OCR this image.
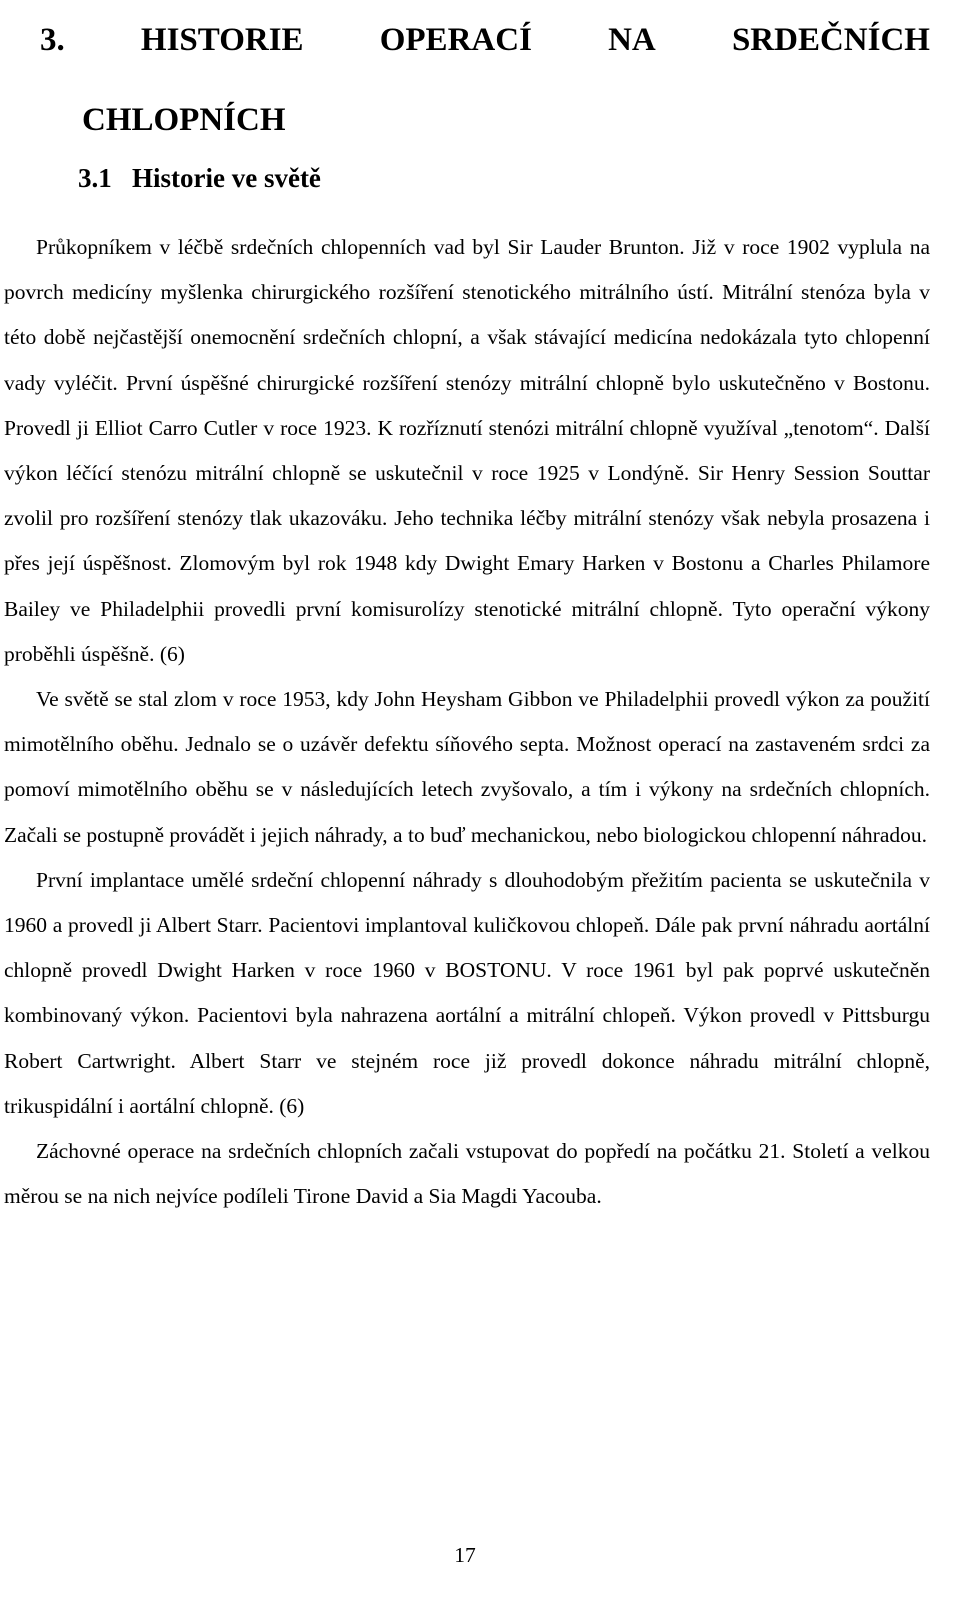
3. HISTORIE OPERACÍ NA SRDEČNÍCH
CHLOPNÍCH
3.1   Historie ve světě

Průkopníkem v léčbě srdečních chlopenních vad byl Sir Lauder Brunton. Již v roce 1902 vyplula na povrch medicíny myšlenka chirurgického rozšíření stenotického mitrálního ústí. Mitrální stenóza byla v této době nejčastější onemocnění srdečních chlopní, a však stávající medicína nedokázala tyto chlopenní vady vyléčit. První úspěšné chirurgické rozšíření stenózy mitrální chlopně bylo uskutečněno v Bostonu. Provedl ji Elliot Carro Cutler v roce 1923. K rozříznutí stenózi mitrální chlopně využíval „tenotom“. Další výkon léčící stenózu mitrální chlopně se uskutečnil v roce 1925 v Londýně. Sir Henry Session Souttar zvolil pro rozšíření stenózy tlak ukazováku. Jeho technika léčby mitrální stenózy však nebyla prosazena i přes její úspěšnost. Zlomovým byl rok 1948 kdy Dwight Emary Harken v Bostonu a Charles Philamore Bailey ve Philadelphii provedli první komisurolízy stenotické mitrální chlopně. Tyto operační výkony proběhli úspěšně. (6)

Ve světě se stal zlom v roce 1953, kdy John Heysham Gibbon ve Philadelphii provedl výkon za použití mimotělního oběhu. Jednalo se o uzávěr defektu síňového septa. Možnost operací na zastaveném srdci za pomoví mimotělního oběhu se v následujících letech zvyšovalo, a tím i výkony na srdečních chlopních. Začali se postupně provádět i jejich náhrady, a to buď mechanickou, nebo biologickou chlopenní náhradou.

První implantace umělé srdeční chlopenní náhrady s dlouhodobým přežitím pacienta se uskutečnila v 1960 a provedl ji Albert Starr. Pacientovi implantoval kuličkovou chlopeň. Dále pak první náhradu aortální chlopně provedl Dwight Harken v roce 1960 v BOSTONU. V roce 1961 byl pak poprvé uskutečněn kombinovaný výkon. Pacientovi byla nahrazena aortální a mitrální chlopeň. Výkon provedl v Pittsburgu Robert Cartwright. Albert Starr ve stejném roce již provedl dokonce náhradu mitrální chlopně, trikuspidální i aortální chlopně. (6)

Záchovné operace na srdečních chlopních začali vstupovat do popředí na počátku 21. Století a velkou měrou se na nich nejvíce podíleli Tirone David a Sia Magdi Yacouba.

17
